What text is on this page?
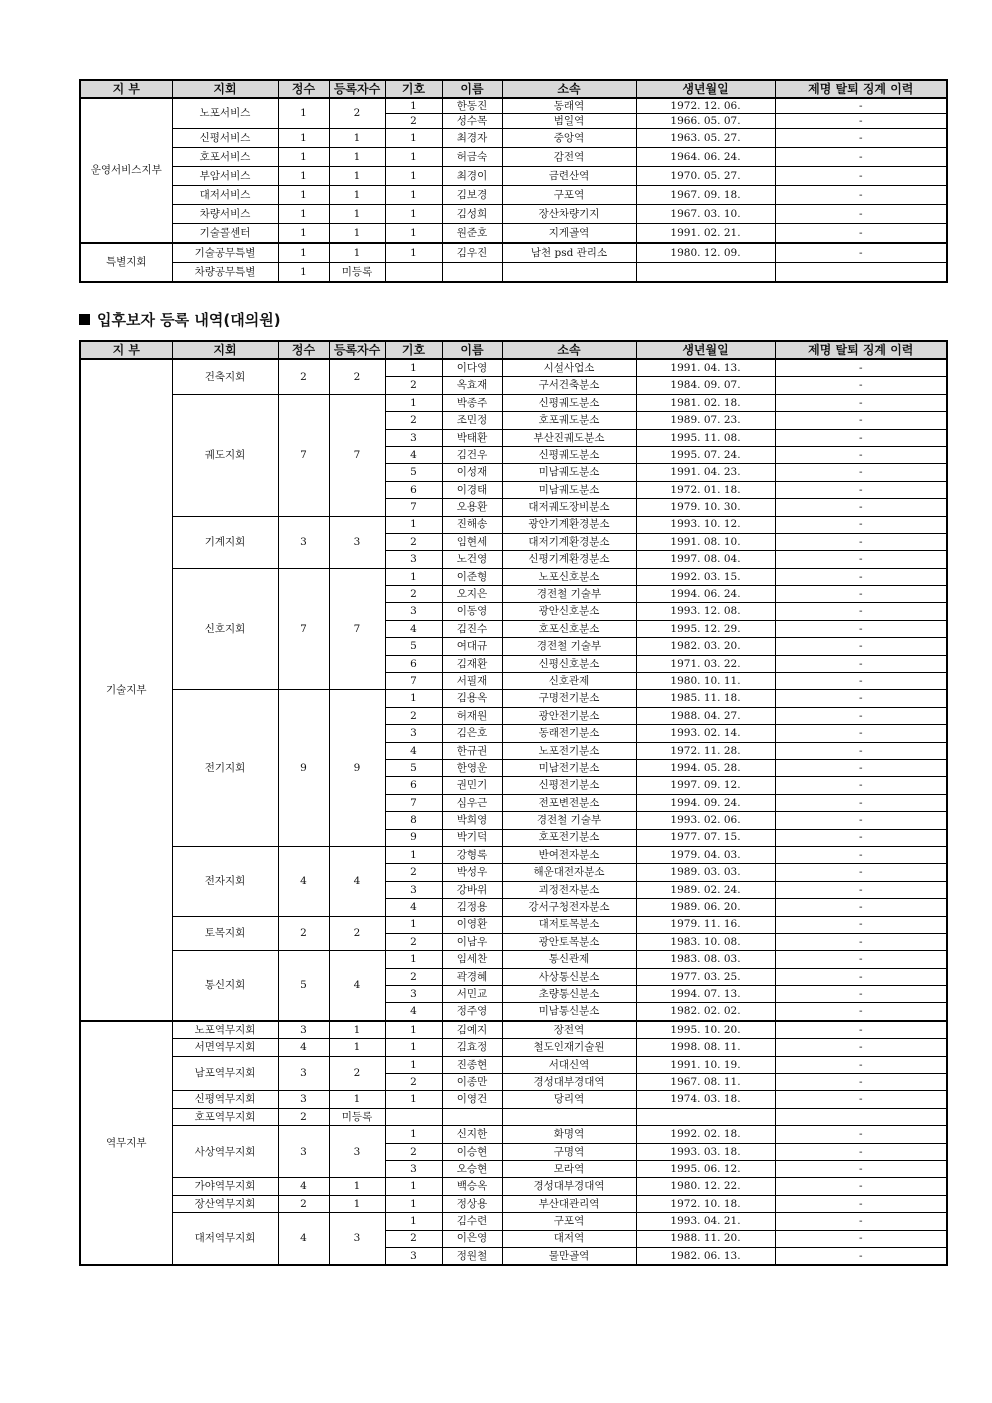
지 부	지회	정수	등록자수	기호	이름	소속	생년월일	제명 탈퇴 징계 이력
운영서비스지부	노포서비스	1	2	1	한동진	동래역	1972. 12. 06.	-
				2	성수목	범일역	1966. 05. 07.	-
	신평서비스	1	1	1	최경자	중앙역	1963. 05. 27.	-
	호포서비스	1	1	1	허금숙	감전역	1964. 06. 24.	-
	부암서비스	1	1	1	최경이	금련산역	1970. 05. 27.	-
	대저서비스	1	1	1	김보경	구포역	1967. 09. 18.	-
	차량서비스	1	1	1	김성희	장산차량기지	1967. 03. 10.	-
	기술콜센터	1	1	1	원준호	지게골역	1991. 02. 21.	-
특별지회	기술공무특별	1	1	1	김우진	남천 psd 관리소	1980. 12. 09.	-
	차량공무특별	1	미등록					
입후보자 등록 내역(대의원)
지 부	지회	정수	등록자수	기호	이름	소속	생년월일	제명 탈퇴 징계 이력
기술지부	건축지회	2	2	1	이다영	시설사업소	1991. 04. 13.	-
				2	옥효재	구서건축분소	1984. 09. 07.	-
	궤도지회	7	7	1	박종주	신평궤도분소	1981. 02. 18.	-
				2	조민정	호포궤도분소	1989. 07. 23.	-
				3	박태환	부산진궤도분소	1995. 11. 08.	-
				4	김건우	신평궤도분소	1995. 07. 24.	-
				5	이성재	미남궤도분소	1991. 04. 23.	-
				6	이경태	미남궤도분소	1972. 01. 18.	-
				7	오용환	대저궤도장비분소	1979. 10. 30.	-
	기계지회	3	3	1	진해송	광안기계환경분소	1993. 10. 12.	-
				2	임현세	대저기계환경분소	1991. 08. 10.	-
				3	노건영	신평기계환경분소	1997. 08. 04.	-
	신호지회	7	7	1	이준형	노포신호분소	1992. 03. 15.	-
				2	오지은	경전철 기술부	1994. 06. 24.	-
				3	이동영	광안신호분소	1993. 12. 08.	-
				4	김진수	호포신호분소	1995. 12. 29.	-
				5	여대규	경전철 기술부	1982. 03. 20.	-
				6	김재환	신평신호분소	1971. 03. 22.	-
				7	서필재	신호관제	1980. 10. 11.	-
	전기지회	9	9	1	김용옥	구명전기분소	1985. 11. 18.	-
				2	허재원	광안전기분소	1988. 04. 27.	-
				3	김은호	동래전기분소	1993. 02. 14.	-
				4	한규권	노포전기분소	1972. 11. 28.	-
				5	한영운	미남전기분소	1994. 05. 28.	-
				6	권민기	신평전기분소	1997. 09. 12.	-
				7	심우근	전포변전분소	1994. 09. 24.	-
				8	박희영	경전철 기술부	1993. 02. 06.	-
				9	박기덕	호포전기분소	1977. 07. 15.	-
	전자지회	4	4	1	강형록	반여전자분소	1979. 04. 03.	-
				2	박성우	해운대전자분소	1989. 03. 03.	-
				3	강바위	괴정전자분소	1989. 02. 24.	-
				4	김정용	강서구청전자분소	1989. 06. 20.	-
	토목지회	2	2	1	이영환	대저토목분소	1979. 11. 16.	-
				2	이남우	광안토목분소	1983. 10. 08.	-
	통신지회	5	4	1	임세찬	통신관제	1983. 08. 03.	-
				2	곽경혜	사상통신분소	1977. 03. 25.	-
				3	서민교	초량통신분소	1994. 07. 13.	-
				4	정주영	미남통신분소	1982. 02. 02.	-
역무지부	노포역무지회	3	1	1	김예지	장전역	1995. 10. 20.	-
	서면역무지회	4	1	1	김효정	철도인재기술원	1998. 08. 11.	-
	남포역무지회	3	2	1	진종현	서대신역	1991. 10. 19.	-
				2	이종만	경성대부경대역	1967. 08. 11.	-
	신평역무지회	3	1	1	이영건	당리역	1974. 03. 18.	-
	호포역무지회	2	미등록					
	사상역무지회	3	3	1	신지한	화명역	1992. 02. 18.	-
				2	이승현	구명역	1993. 03. 18.	-
				3	오승현	모라역	1995. 06. 12.	-
	가야역무지회	4	1	1	백승옥	경성대부경대역	1980. 12. 22.	-
	장산역무지회	2	1	1	정상용	부산대관리역	1972. 10. 18.	-
	대저역무지회	4	3	1	김수련	구포역	1993. 04. 21.	-
				2	이은영	대저역	1988. 11. 20.	-
				3	정원철	물만골역	1982. 06. 13.	-
